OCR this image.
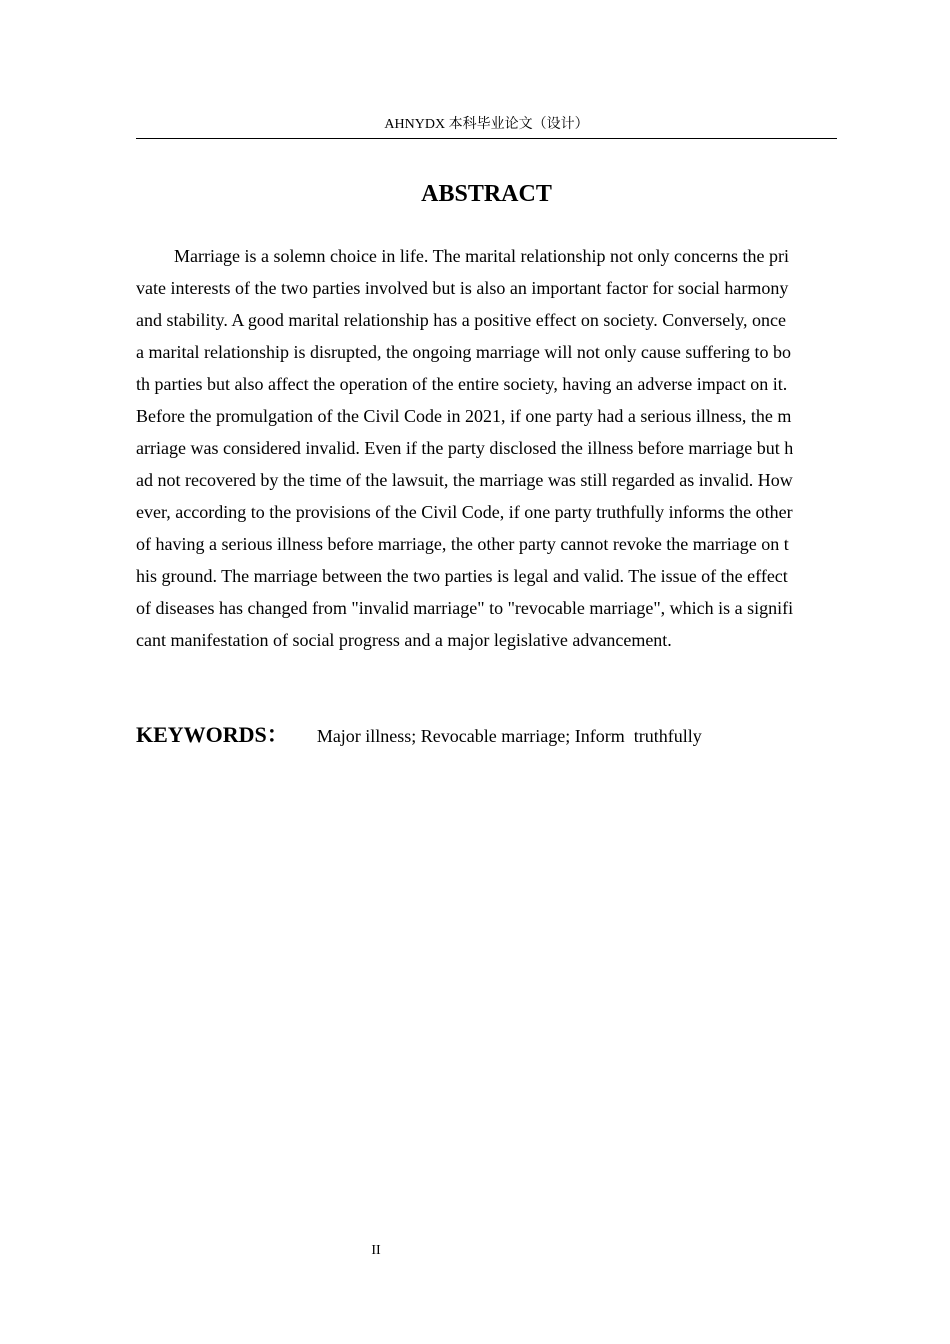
AHNYDX 本科毕业论文（设计）
ABSTRACT
Marriage is a solemn choice in life. The marital relationship not only concerns the pri
vate interests of the two parties involved but is also an important factor for social harmony
and stability. A good marital relationship has a positive effect on society. Conversely, once
a marital relationship is disrupted, the ongoing marriage will not only cause suffering to bo
th parties but also affect the operation of the entire society, having an adverse impact on it.
Before the promulgation of the Civil Code in 2021, if one party had a serious illness, the m
arriage was considered invalid. Even if the party disclosed the illness before marriage but h
ad not recovered by the time of the lawsuit, the marriage was still regarded as invalid. How
ever, according to the provisions of the Civil Code, if one party truthfully informs the other
of having a serious illness before marriage, the other party cannot revoke the marriage on t
his ground. The marriage between the two parties is legal and valid. The issue of the effect
of diseases has changed from "invalid marriage" to "revocable marriage", which is a signifi
cant manifestation of social progress and a major legislative advancement.
KEYWORDS： Major illness; Revocable marriage; Inform  truthfully
II
